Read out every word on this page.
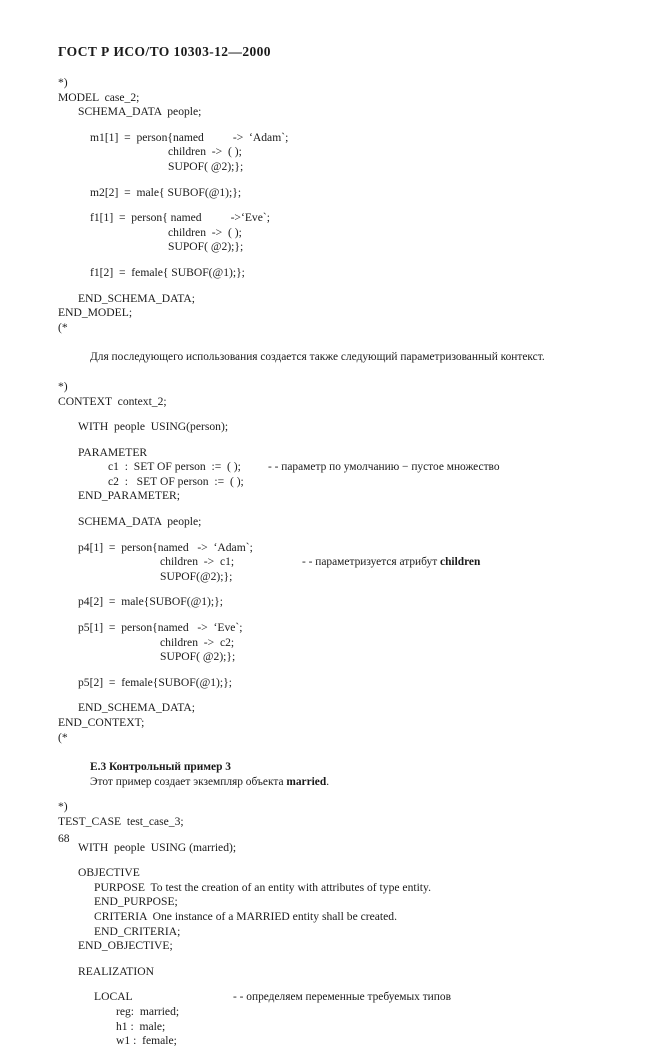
ГОСТ Р ИСО/ТО 10303-12—2000
*)
MODEL  case_2;
SCHEMA_DATA  people;
m1[1]  =  person{named          ->  ‘Adam`;
children  ->  ( );
SUPOF( @2);};
m2[2]  =  male{ SUBOF(@1);};
f1[1]  =  person{ named          ->‘Eve`;
children  ->  ( );
SUPOF( @2);};
f1[2]  =  female{ SUBOF(@1);};
END_SCHEMA_DATA;
END_MODEL;
(*
Для последующего использования создается также следующий параметризованный контекст.
*)
CONTEXT  context_2;
WITH  people  USING(person);
PARAMETER
c1  :  SET OF person  :=  ( ); - - параметр по умолчанию − пустое множество
c2  :   SET OF person  :=  ( );
END_PARAMETER;
SCHEMA_DATA  people;
p4[1]  =  person{named   ->  ‘Adam`;
children  ->  c1;	- - параметризуется атрибут children
SUPOF(@2);};
p4[2]  =  male{SUBOF(@1);};
p5[1]  =  person{named   ->  ‘Eve`;
children  ->  c2;
SUPOF( @2);};
p5[2]  =  female{SUBOF(@1);};
END_SCHEMA_DATA;
END_CONTEXT;
(*
E.3 Контрольный пример 3
Этот пример создает экземпляр объекта married.
*)
TEST_CASE  test_case_3;
WITH  people  USING (married);
OBJECTIVE
PURPOSE  To test the creation of an entity with attributes of type entity.
END_PURPOSE;
CRITERIA  One instance of a MARRIED entity shall be created.
END_CRITERIA;
END_OBJECTIVE;
REALIZATION
LOCAL	- - определяем переменные требуемых типов
reg:  married;
h1 :  male;
w1 :  female;
68
